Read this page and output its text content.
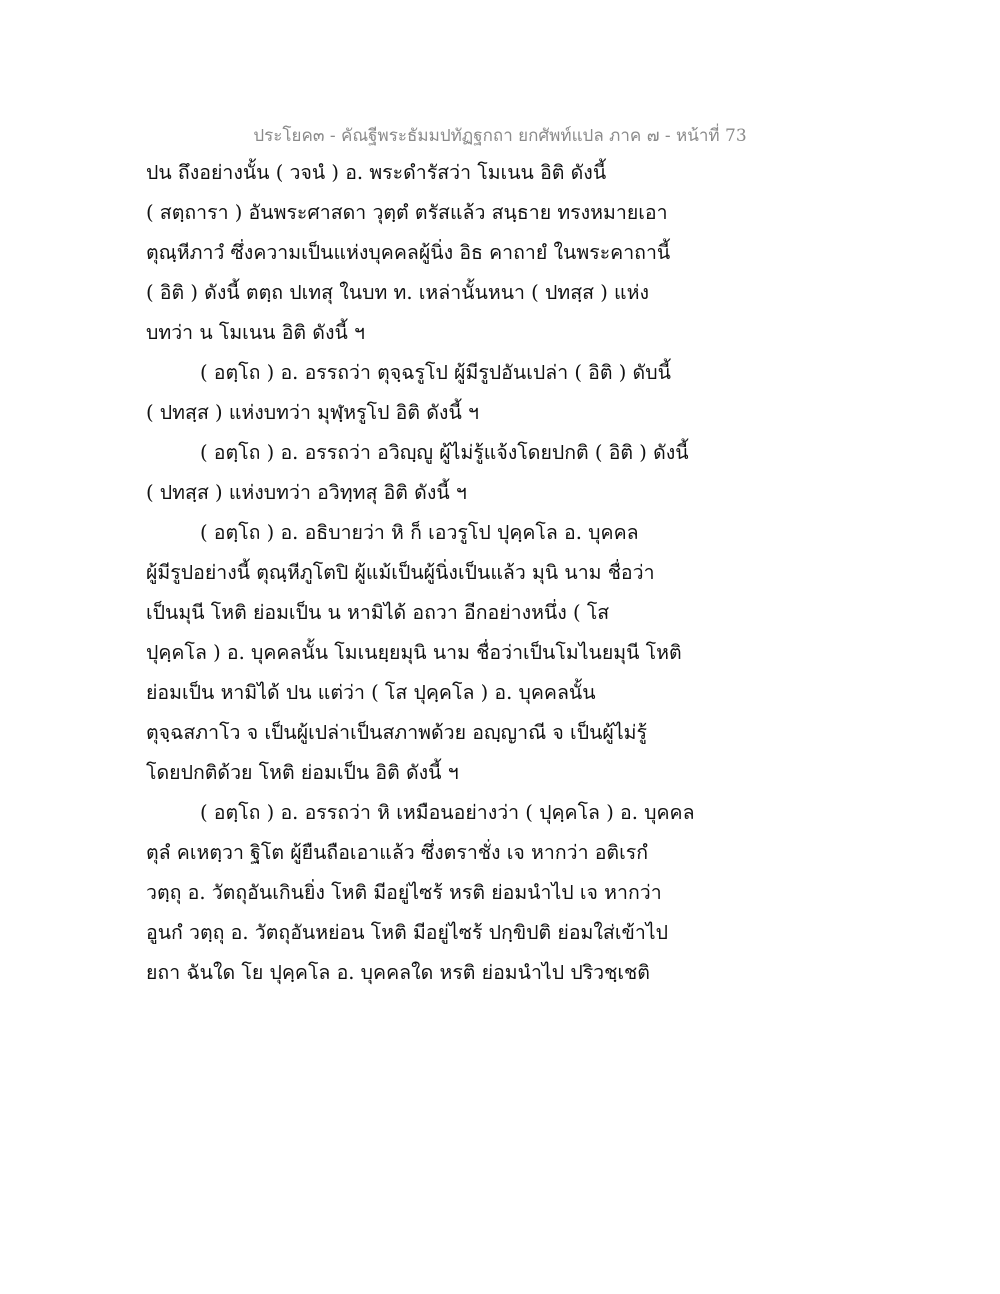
ประโยค๓ - คัณฐีพระธัมมปทัฏฐกถา ยกศัพท์แปล ภาค ๗ - หน้าที่ 73
ปน ถึงอย่างนั้น ( วจนํ ) อ. พระดำรัสว่า โมเนน อิติ ดังนี้
( สตฺถารา ) อันพระศาสดา วุตฺตํ ตรัสแล้ว สนฺธาย ทรงหมายเอา
ตุณฺหีภาวํ ซึ่งความเป็นแห่งบุคคลผู้นิ่ง อิธ คาถายํ ในพระคาถานี้
( อิติ ) ดังนี้ ตตฺถ ปเทสุ ในบท ท. เหล่านั้นหนา ( ปทสฺส ) แห่ง
บทว่า น โมเนน อิติ ดังนี้ ฯ
( อตฺโถ ) อ. อรรถว่า ตุจฺฉรูโป ผู้มีรูปอันเปล่า ( อิติ ) ดับนี้
( ปทสฺส ) แห่งบทว่า มุฬฺหรูโป อิติ ดังนี้ ฯ
( อตฺโถ ) อ. อรรถว่า อวิญฺญู ผู้ไม่รู้แจ้งโดยปกติ ( อิติ ) ดังนี้
( ปทสฺส ) แห่งบทว่า อวิทฺทสุ อิติ ดังนี้ ฯ
( อตฺโถ ) อ. อธิบายว่า หิ ก็ เอวรูโป ปุคฺคโล อ. บุคคล
ผู้มีรูปอย่างนี้ ตุณฺหีภูโตปิ ผู้แม้เป็นผู้นิ่งเป็นแล้ว มุนิ นาม ชื่อว่า
เป็นมุนี โหติ ย่อมเป็น น หามิได้ อถวา อีกอย่างหนึ่ง ( โส
ปุคฺคโล ) อ. บุคคลนั้น โมเนยฺยมุนิ นาม ชื่อว่าเป็นโมไนยมุนี โหติ
ย่อมเป็น หามิได้ ปน แต่ว่า ( โส ปุคฺคโล ) อ. บุคคลนั้น
ตุจฺฉสภาโว จ เป็นผู้เปล่าเป็นสภาพด้วย อญฺญาณี จ เป็นผู้ไม่รู้
โดยปกติด้วย โหติ ย่อมเป็น อิติ ดังนี้ ฯ
( อตฺโถ ) อ. อรรถว่า หิ เหมือนอย่างว่า ( ปุคฺคโล ) อ. บุคคล
ตุลํ คเหตฺวา ฐิโต ผู้ยืนถือเอาแล้ว ซึ่งตราชั่ง เจ หากว่า อติเรกํ
วตฺถุ อ. วัตถุอันเกินยิ่ง โหติ มีอยู่ไซร้ หรติ ย่อมนำไป เจ หากว่า
อูนกํ วตฺถุ อ. วัตถุอันหย่อน โหติ มีอยู่ไซร้ ปกฺขิปติ ย่อมใส่เข้าไป
ยถา ฉันใด โย ปุคฺคโล อ. บุคคลใด หรติ ย่อมนำไป ปริวชฺเชติ
